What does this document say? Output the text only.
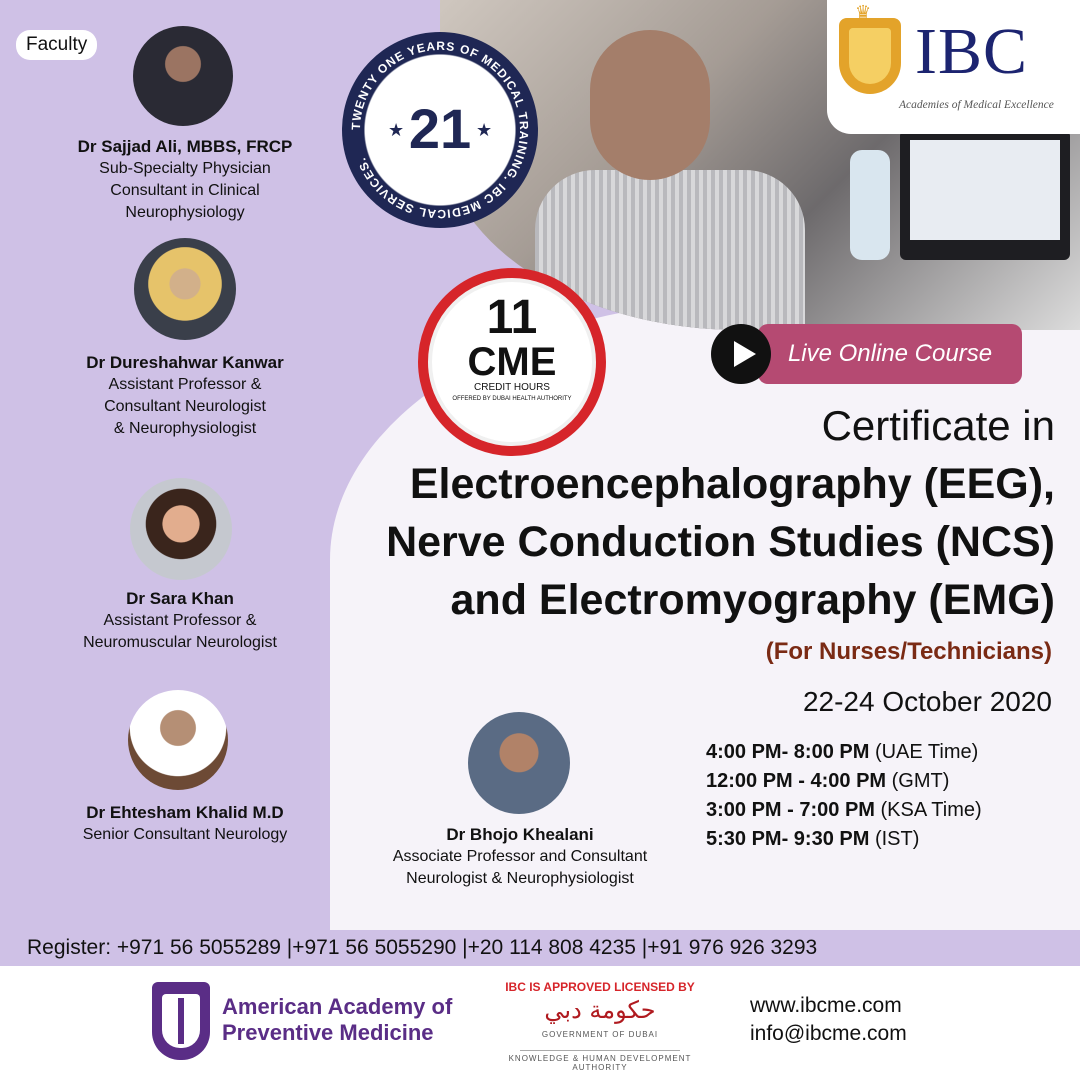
Faculty
Dr Sajjad Ali, MBBS, FRCP
Sub-Specialty Physician
Consultant in Clinical
Neurophysiology
Dr Dureshahwar Kanwar
Assistant Professor &
Consultant Neurologist
& Neurophysiologist
Dr Sara Khan
Assistant Professor &
Neuromuscular Neurologist
Dr Ehtesham Khalid M.D
Senior Consultant Neurology	Dr Bhojo Khealani
Associate Professor and Consultant
Neurologist & Neurophysiologist
TWENTY ONE YEARS OF MEDICAL TRAINING. IBC MEDICAL SERVICES.
★	★
21
11
CME
CREDIT HOURS
OFFERED BY DUBAI HEALTH AUTHORITY
♛
IBC
Academies of Medical Excellence
Live Online Course
Certificate in
Electroencephalography (EEG),
Nerve Conduction Studies (NCS)
and Electromyography (EMG)
(For Nurses/Technicians)
22-24 October 2020
4:00 PM- 8:00 PM (UAE Time)
12:00 PM - 4:00 PM (GMT)
3:00 PM - 7:00 PM (KSA Time)
5:30 PM- 9:30 PM (IST)
Register: +971 56 5055289 |+971 56 5055290 |+20 114 808 4235 |+91 976 926 3293
American Academy of
Preventive Medicine
IBC IS APPROVED LICENSED BY
حكومة دبي
GOVERNMENT OF DUBAI
KNOWLEDGE & HUMAN DEVELOPMENT AUTHORITY
www.ibcme.com
info@ibcme.com
